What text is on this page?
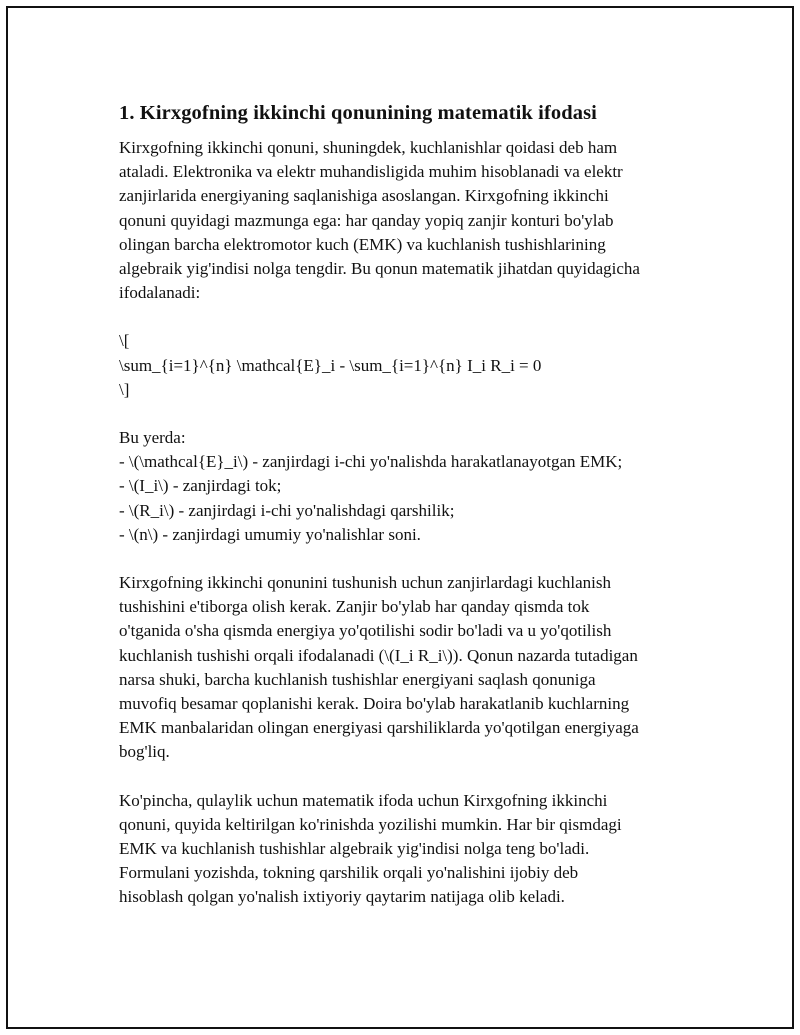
1. Kirxgofning ikkinchi qonunining matematik ifodasi

Kirxgofning ikkinchi qonuni, shuningdek, kuchlanishlar qoidasi deb ham
ataladi. Elektronika va elektr muhandisligida muhim hisoblanadi va elektr
zanjirlarida energiyaning saqlanishiga asoslangan. Kirxgofning ikkinchi
qonuni quyidagi mazmunga ega: har qanday yopiq zanjir konturi bo'ylab
olingan barcha elektromotor kuch (EMK) va kuchlanish tushishlarining
algebraik yig'indisi nolga tengdir. Bu qonun matematik jihatdan quyidagicha
ifodalanadi:

\[
\sum_{i=1}^{n} \mathcal{E}_i - \sum_{i=1}^{n} I_i R_i = 0
\]

Bu yerda:
- \(\mathcal{E}_i\) - zanjirdagi i-chi yo'nalishda harakatlanayotgan EMK;
- \(I_i\) - zanjirdagi tok;
- \(R_i\) - zanjirdagi i-chi yo'nalishdagi qarshilik;
- \(n\) - zanjirdagi umumiy yo'nalishlar soni.

Kirxgofning ikkinchi qonunini tushunish uchun zanjirlardagi kuchlanish
tushishini e'tiborga olish kerak. Zanjir bo'ylab har qanday qismda tok
o'tganida o'sha qismda energiya yo'qotilishi sodir bo'ladi va u yo'qotilish
kuchlanish tushishi orqali ifodalanadi (\(I_i R_i\)). Qonun nazarda tutadigan
narsa shuki, barcha kuchlanish tushishlar energiyani saqlash qonuniga
muvofiq besamar qoplanishi kerak. Doira bo'ylab harakatlanib kuchlarning
EMK manbalaridan olingan energiyasi qarshiliklarda yo'qotilgan energiyaga
bog'liq.

Ko'pincha, qulaylik uchun matematik ifoda uchun Kirxgofning ikkinchi
qonuni, quyida keltirilgan ko'rinishda yozilishi mumkin. Har bir qismdagi
EMK va kuchlanish tushishlar algebraik yig'indisi nolga teng bo'ladi.
Formulani yozishda, tokning qarshilik orqali yo'nalishini ijobiy deb
hisoblash qolgan yo'nalish ixtiyoriy qaytarim natijaga olib keladi.
